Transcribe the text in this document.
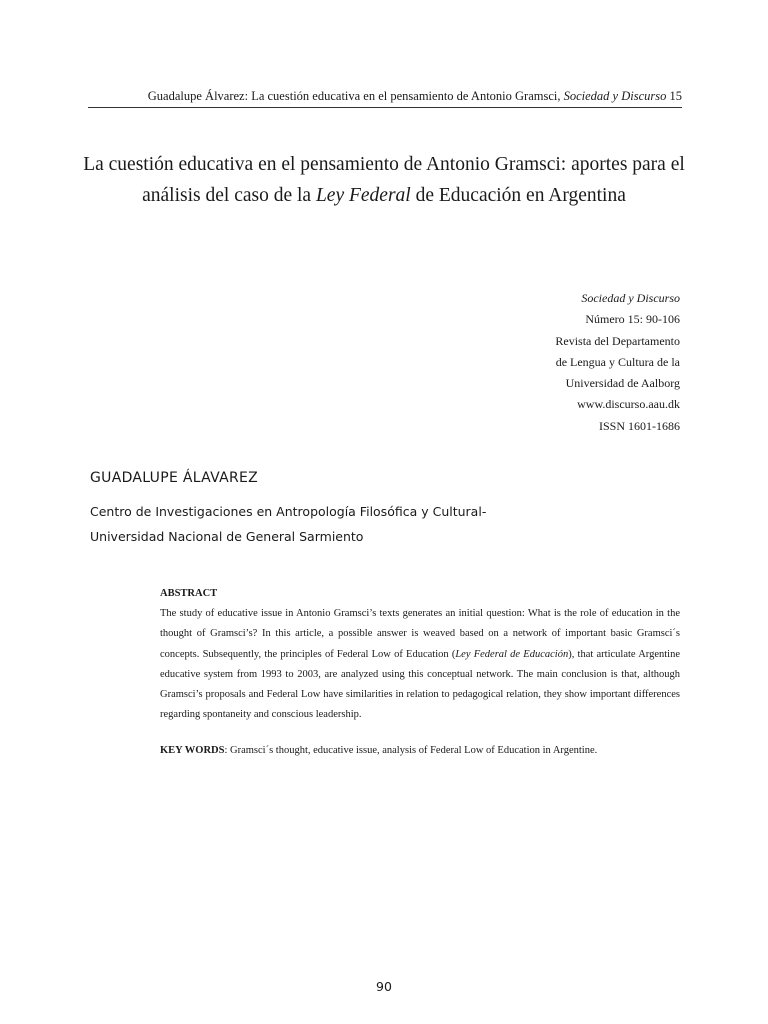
Guadalupe Álvarez: La cuestión educativa en el pensamiento de Antonio Gramsci, Sociedad y Discurso 15
La cuestión educativa en el pensamiento de Antonio Gramsci: aportes para el análisis del caso de la Ley Federal de Educación en Argentina
Sociedad y Discurso
Número 15: 90-106
Revista del Departamento
de Lengua y Cultura de la
Universidad de Aalborg
www.discurso.aau.dk
ISSN 1601-1686
GUADALUPE ÁLAVAREZ
Centro de Investigaciones en Antropología Filosófica y Cultural-
Universidad Nacional de General Sarmiento
ABSTRACT
The study of educative issue in Antonio Gramsci’s texts generates an initial question: What is the role of education in the thought of Gramsci’s? In this article, a possible answer is weaved based on a network of important basic Gramsci´s concepts. Subsequently, the principles of Federal Low of Education (Ley Federal de Educación), that articulate Argentine educative system from 1993 to 2003, are analyzed using this conceptual network. The main conclusion is that, although Gramsci’s proposals and Federal Low have similarities in relation to pedagogical relation, they show important differences regarding spontaneity and conscious leadership.
KEY WORDS: Gramsci´s thought, educative issue, analysis of Federal Low of Education in Argentine.
90
